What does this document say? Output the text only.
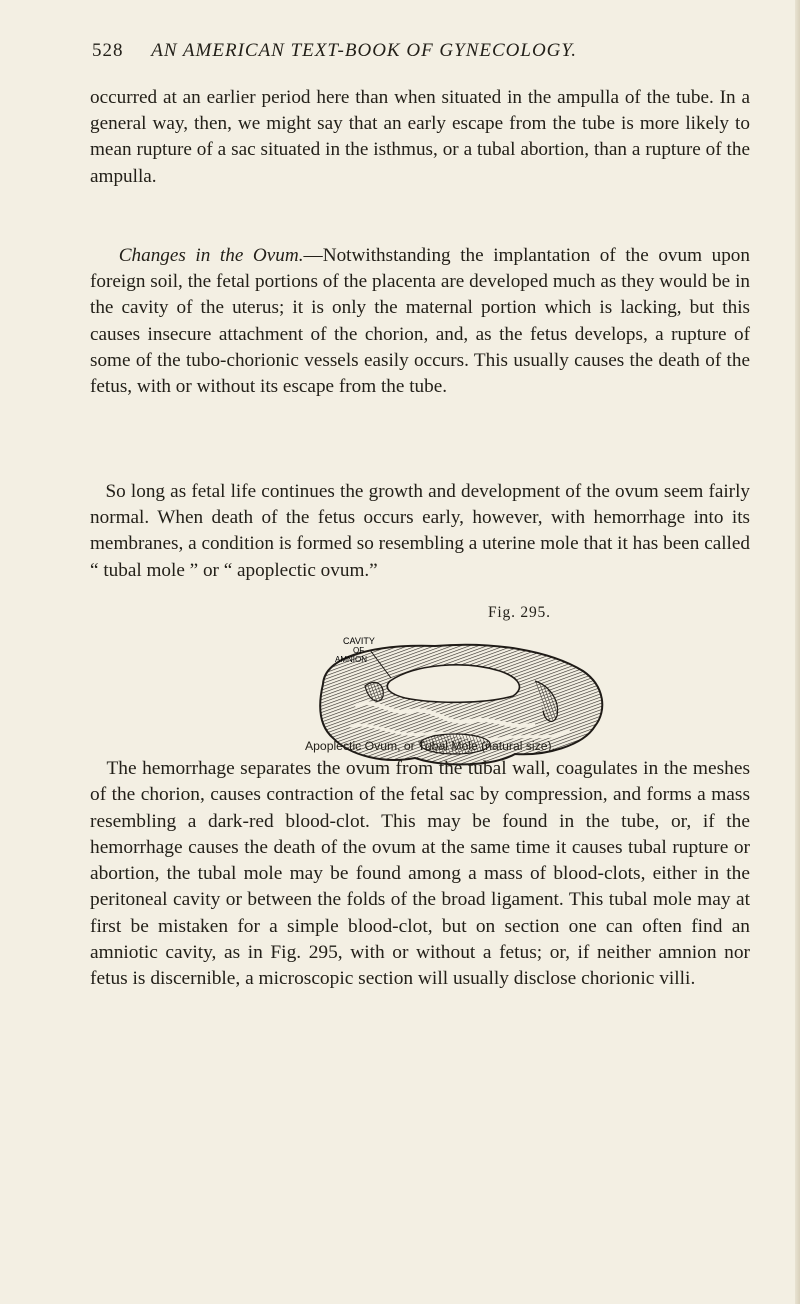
528 AN AMERICAN TEXT-BOOK OF GYNECOLOGY.

occurred at an earlier period here than when situated in the ampulla of the tube. In a general way, then, we might say that an early escape from the tube is more likely to mean rupture of a sac situated in the isthmus, or a tubal abortion, than a rupture of the ampulla.

Changes in the Ovum.—Notwithstanding the implantation of the ovum upon foreign soil, the fetal portions of the placenta are developed much as they would be in the cavity of the uterus; it is only the maternal portion which is lacking, but this causes insecure attachment of the chorion, and, as the fetus develops, a rupture of some of the tubo-chorionic vessels easily occurs. This usually causes the death of the fetus, with or without its escape from the tube.

So long as fetal life continues the growth and development of the ovum seem fairly normal. When death of the fetus occurs early, however, with hemorrhage into its membranes, a condition is formed so resembling a uterine mole that it has been called “ tubal mole ” or “ apoplectic ovum.”

Fig. 295.
CAVITY
OF
AMNION
Apoplectic Ovum, or Tubal Mole (natural size).

The hemorrhage separates the ovum from the tubal wall, coagulates in the meshes of the chorion, causes contraction of the fetal sac by compression, and forms a mass resembling a dark-red blood-clot. This may be found in the tube, or, if the hemorrhage causes the death of the ovum at the same time it causes tubal rupture or abortion, the tubal mole may be found among a mass of blood-clots, either in the peritoneal cavity or between the folds of the broad ligament. This tubal mole may at first be mistaken for a simple blood-clot, but on section one can often find an amniotic cavity, as in Fig. 295, with or without a fetus; or, if neither amnion nor fetus is discernible, a microscopic section will usually disclose chorionic villi.
